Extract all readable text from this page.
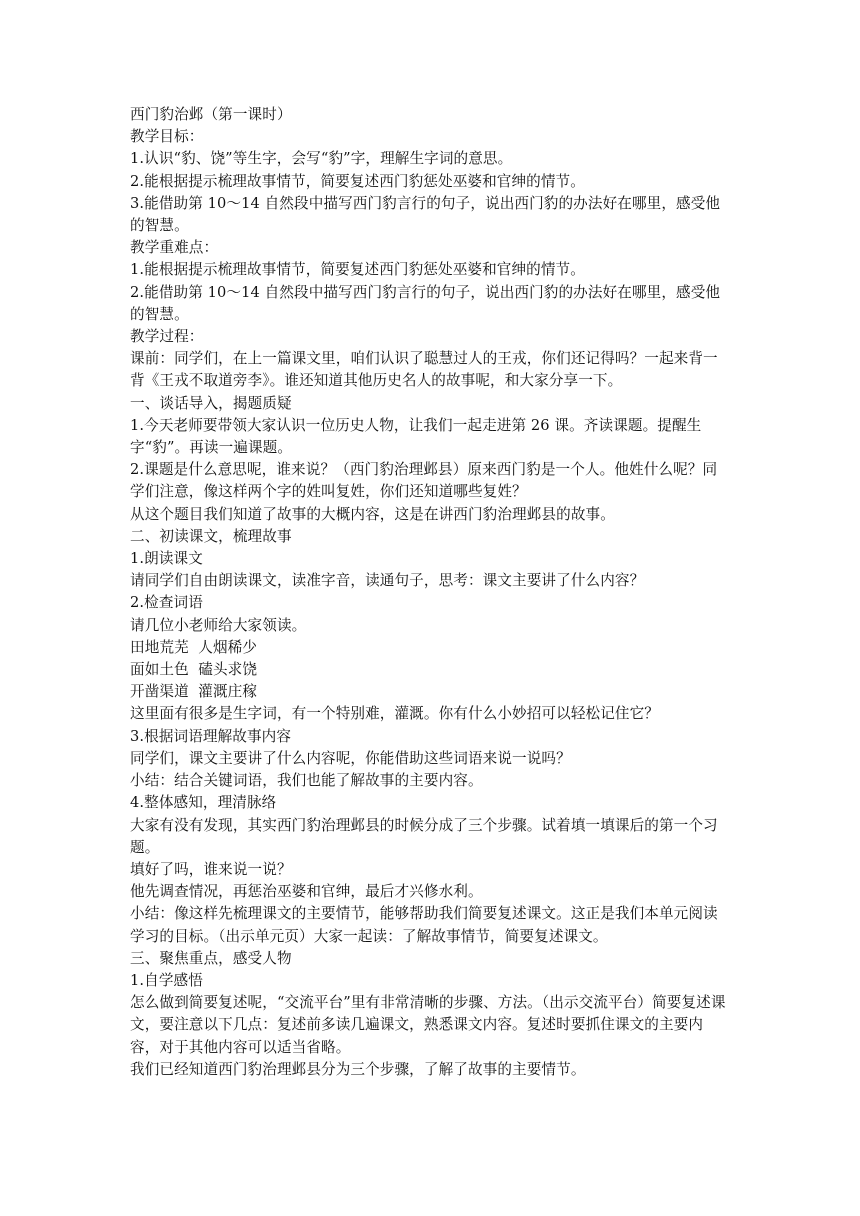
西门豹治邺（第一课时）

教学目标：

1.认识“豹、饶”等生字，会写“豹”字，理解生字词的意思。

2.能根据提示梳理故事情节，简要复述西门豹惩处巫婆和官绅的情节。

3.能借助第 10～14 自然段中描写西门豹言行的句子，说出西门豹的办法好在哪里，感受他的智慧。

教学重难点：

1.能根据提示梳理故事情节，简要复述西门豹惩处巫婆和官绅的情节。

2.能借助第 10～14 自然段中描写西门豹言行的句子，说出西门豹的办法好在哪里，感受他的智慧。

教学过程：

课前：同学们，在上一篇课文里，咱们认识了聪慧过人的王戎，你们还记得吗？一起来背一背《王戎不取道旁李》。谁还知道其他历史名人的故事呢，和大家分享一下。

一、谈话导入，揭题质疑

1.今天老师要带领大家认识一位历史人物，让我们一起走进第 26 课。齐读课题。提醒生字“豹”。再读一遍课题。

2.课题是什么意思呢，谁来说？（西门豹治理邺县）原来西门豹是一个人。他姓什么呢？同学们注意，像这样两个字的姓叫复姓，你们还知道哪些复姓？

从这个题目我们知道了故事的大概内容，这是在讲西门豹治理邺县的故事。

二、初读课文，梳理故事

1.朗读课文

请同学们自由朗读课文，读准字音，读通句子，思考：课文主要讲了什么内容？

2.检查词语

请几位小老师给大家领读。

田地荒芜  人烟稀少

面如土色  磕头求饶

开凿渠道  灌溉庄稼

这里面有很多是生字词，有一个特别难，灌溉。你有什么小妙招可以轻松记住它？

3.根据词语理解故事内容

同学们，课文主要讲了什么内容呢，你能借助这些词语来说一说吗？

小结：结合关键词语，我们也能了解故事的主要内容。

4.整体感知，理清脉络

大家有没有发现，其实西门豹治理邺县的时候分成了三个步骤。试着填一填课后的第一个习题。

填好了吗，谁来说一说？

他先调查情况，再惩治巫婆和官绅，最后才兴修水利。

小结：像这样先梳理课文的主要情节，能够帮助我们简要复述课文。这正是我们本单元阅读学习的目标。（出示单元页）大家一起读：了解故事情节，简要复述课文。

三、聚焦重点，感受人物

1.自学感悟

怎么做到简要复述呢，“交流平台”里有非常清晰的步骤、方法。（出示交流平台）简要复述课文，要注意以下几点：复述前多读几遍课文，熟悉课文内容。复述时要抓住课文的主要内容，对于其他内容可以适当省略。

我们已经知道西门豹治理邺县分为三个步骤，了解了故事的主要情节。
